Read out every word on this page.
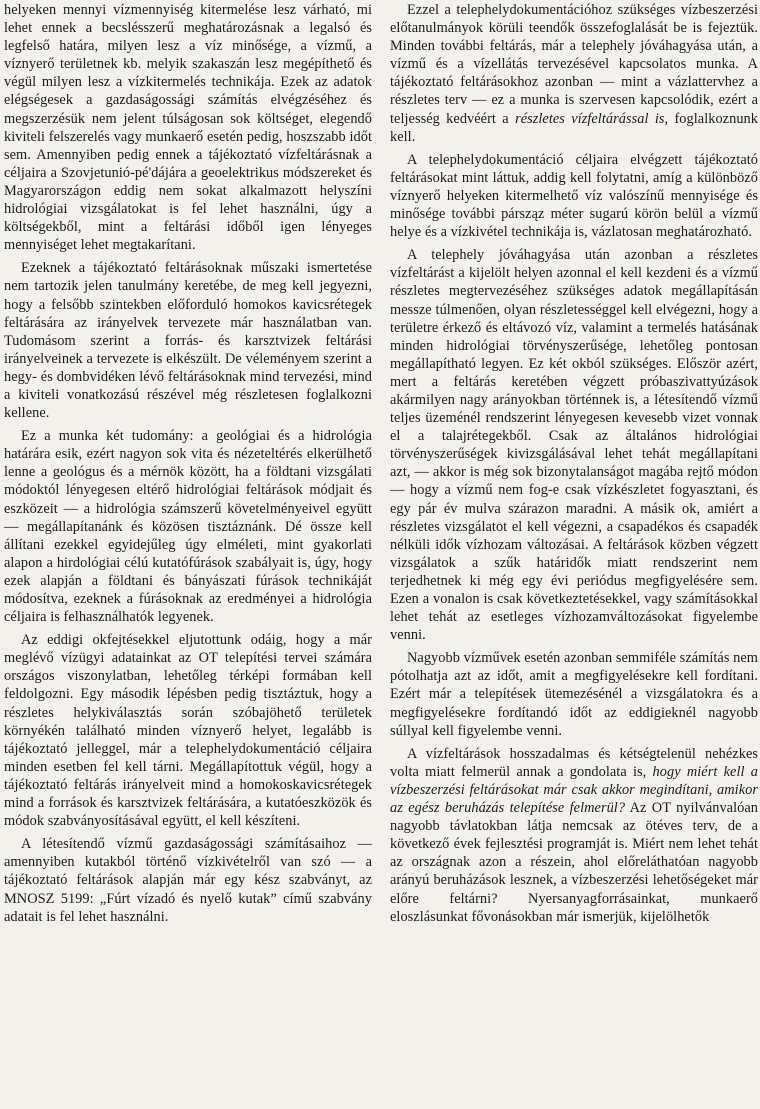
helyeken mennyi vízmennyiség kitermelése lesz várható, mi lehet ennek a becslésszerű meghatározásnak a legalsó és legfelső határa, milyen lesz a víz minősége, a vízmű, a víznyerő területnek kb. melyik szakaszán lesz megépíthető és végül milyen lesz a vízkitermelés technikája. Ezek az adatok elégségesek a gazdaságossági számítás elvégzéséhez és megszerzésük nem jelent túlságosan sok költséget, elegendő kiviteli felszerelés vagy munkaerő esetén pedig, hoszszabb időt sem. Amennyiben pedig ennek a tájékoztató vízfeltárásnak a céljaira a Szovjetunió-pé'dájára a geoelektrikus módszereket és Magyarországon eddig nem sokat alkalmazott helyszíni hidrológiai vizsgálatokat is fel lehet használni, úgy a költségekből, mint a feltárási időből igen lényeges mennyiséget lehet megtakarítani.

Ezeknek a tájékoztató feltárásoknak műszaki ismertetése nem tartozik jelen tanulmány keretébe, de meg kell jegyezni, hogy a felsőbb szintekben előforduló homokos kavicsrétegek feltárására az irányelvek tervezete már használatban van. Tudomásom szerint a forrás- és karsztvizek feltárási irányelveinek a tervezete is elkészült. De véleményem szerint a hegy- és dombvidéken lévő feltárásoknak mind tervezési, mind a kiviteli vonatkozású részével még részletesen foglalkozni kellene.

Ez a munka két tudomány: a geológiai és a hidrológia határára esik, ezért nagyon sok vita és nézeteltérés elkerülhető lenne a geológus és a mérnök között, ha a földtani vizsgálati módoktól lényegesen eltérő hidrológiai feltárások módjait és eszközeit — a hidrológia számszerű követelményeivel együtt — megállapítanánk és közösen tisztáznánk. Dé össze kell állítani ezekkel egyidejűleg úgy elméleti, mint gyakorlati alapon a hirdológiai célú kutatófúrások szabályait is, úgy, hogy ezek alapján a földtani és bányászati fúrások technikáját módosítva, ezeknek a fúrásoknak az eredményei a hidrológia céljaira is felhasználhatók legyenek.

Az eddigi okfejtésekkel eljutottunk odáig, hogy a már meglévő vízügyi adatainkat az OT telepítési tervei számára országos viszonylatban, lehetőleg térképi formában kell feldolgozni. Egy második lépésben pedig tisztáztuk, hogy a részletes helykiválasztás során szóbajöhető területek környékén található minden víznyerő helyet, legalább is tájékoztató jelleggel, már a telephelydokumentáció céljaira minden esetben fel kell tárni. Megállapítottuk végül, hogy a tájékoztató feltárás irányelveit mind a homokoskavicsrétegek mind a források és karsztvizek feltárására, a kutatóeszközök és módok szabványosításával együtt, el kell készíteni.

A létesítendő vízmű gazdaságossági számításaihoz — amennyiben kutakból történő vízkivételről van szó — a tájékoztató feltárások alapján már egy kész szabványt, az MNOSZ 5199: „Fúrt vízadó és nyelő kutak” című szabvány adatait is fel lehet használni.

Ezzel a telephelydokumentációhoz szükséges vízbeszerzési előtanulmányok körüli teendők összefoglalását be is fejeztük. Minden további feltárás, már a telephely jóváhagyása után, a vízmű és a vízellátás tervezésével kapcsolatos munka. A tájékoztató feltárásokhoz azonban — mint a vázlattervhez a részletes terv — ez a munka is szervesen kapcsolódik, ezért a teljesség kedvéért a részletes vízfeltárással is, foglalkoznunk kell.

A telephelydokumentáció céljaira elvégzett tájékoztató feltárásokat mint láttuk, addig kell folytatni, amíg a különböző víznyerő helyeken kitermelhető víz valószínű mennyisége és minősége további pársząz méter sugarú körön belül a vízmű helye és a vízkivétel technikája is, vázlatosan meghatározható.

A telephely jóváhagyása után azonban a részletes vízfeltárást a kijelölt helyen azonnal el kell kezdeni és a vízmű részletes megtervezéséhez szükséges adatok megállapításán messze túlmenően, olyan részletességgel kell elvégezni, hogy a területre érkező és eltávozó víz, valamint a termelés hatásának minden hidrológiai törvényszerűsége, lehetőleg pontosan megállapítható legyen. Ez két okból szükséges. Először azért, mert a feltárás keretében végzett próbaszivattyúzások akármilyen nagy arányokban történnek is, a létesítendő vízmű teljes üzeménél rendszerint lényegesen kevesebb vizet vonnak el a talajrétegekből. Csak az általános hidrológiai törvényszerűségek kivizsgálásával lehet tehát megállapítani azt, — akkor is még sok bizonytalanságot magába rejtő módon — hogy a vízmű nem fog-e csak vízkészletet fogyasztani, és egy pár év mulva szárazon maradni. A másik ok, amiért a részletes vizsgálatot el kell végezni, a csapadékos és csapadék nélküli idők vízhozam változásai. A feltárások közben végzett vizsgálatok a szűk határidők miatt rendszerint nem terjedhetnek ki még egy évi periódus megfigyelésére sem. Ezen a vonalon is csak következtetésekkel, vagy számításokkal lehet tehát az esetleges vízhozamváltozásokat figyelembe venni.

Nagyobb vízművek esetén azonban semmiféle számítás nem pótolhatja azt az időt, amit a megfigyelésekre kell fordítani. Ezért már a telepítések ütemezésénél a vizsgálatokra és a megfigyelésekre fordítandó időt az eddigieknél nagyobb súllyal kell figyelembe venni.

A vízfeltárások hosszadalmas és kétségtelenül nehézkes volta miatt felmerül annak a gondolata is, hogy miért kell a vízbeszerzési feltárásokat már csak akkor megindítani, amikor az egész beruházás telepítése felmerül? Az OT nyilvánvalóan nagyobb távlatokban látja nemcsak az ötéves terv, de a következő évek fejlesztési programját is. Miért nem lehet tehát az országnak azon a részein, ahol előreláthatóan nagyobb arányú beruházások lesznek, a vízbeszerzési lehetőségeket már előre feltárni? Nyersanyagforrásainkat, munkaerő eloszlásunkat fővonásokban már ismerjük, kijelölhetők
